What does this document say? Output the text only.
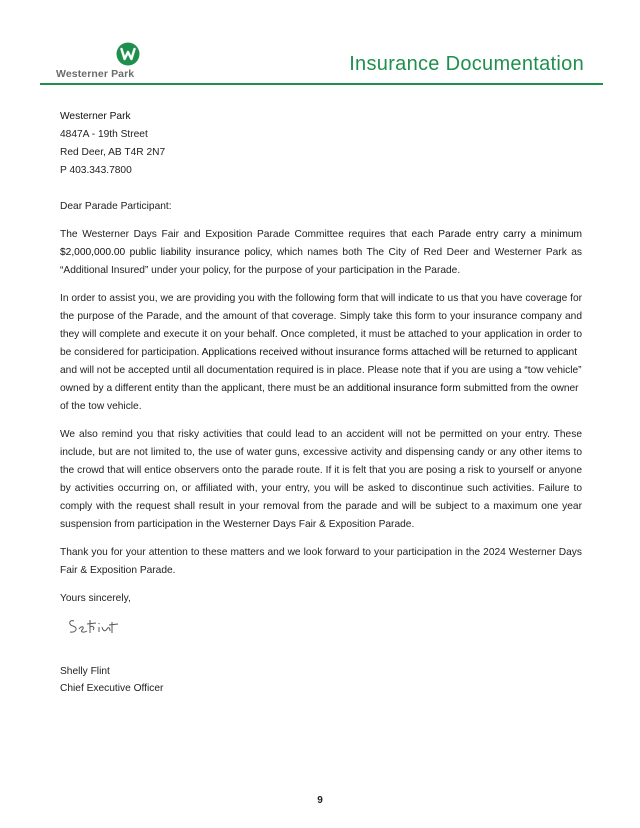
Westerner Park	Insurance Documentation
Westerner Park
4847A - 19th Street
Red Deer, AB T4R 2N7
P 403.343.7800

Dear Parade Participant:

The Westerner Days Fair and Exposition Parade Committee requires that each Parade entry carry a minimum $2,000,000.00 public liability insurance policy, which names both The City of Red Deer and Westerner Park as “Additional Insured” under your policy, for the purpose of your participation in the Parade.

In order to assist you, we are providing you with the following form that will indicate to us that you have coverage for the purpose of the Parade, and the amount of that coverage. Simply take this form to your insurance company and they will complete and execute it on your behalf. Once completed, it must be attached to your application in order to be considered for participation. Applications received without insurance forms attached will be returned to applicant
and will not be accepted until all documentation required is in place. Please note that if you are using a “tow vehicle”
owned by a different entity than the applicant, there must be an additional insurance form submitted from the owner
of the tow vehicle.

We also remind you that risky activities that could lead to an accident will not be permitted on your entry. These include, but are not limited to, the use of water guns, excessive activity and dispensing candy or any other items to the crowd that will entice observers onto the parade route. If it is felt that you are posing a risk to yourself or anyone by activities occurring on, or affiliated with, your entry, you will be asked to discontinue such activities. Failure to comply with the request shall result in your removal from the parade and will be subject to a maximum one year suspension from participation in the Westerner Days Fair & Exposition Parade.

Thank you for your attention to these matters and we look forward to your participation in the 2024 Westerner Days Fair & Exposition Parade.

Yours sincerely,

Shelly Flint
Chief Executive Officer
9
